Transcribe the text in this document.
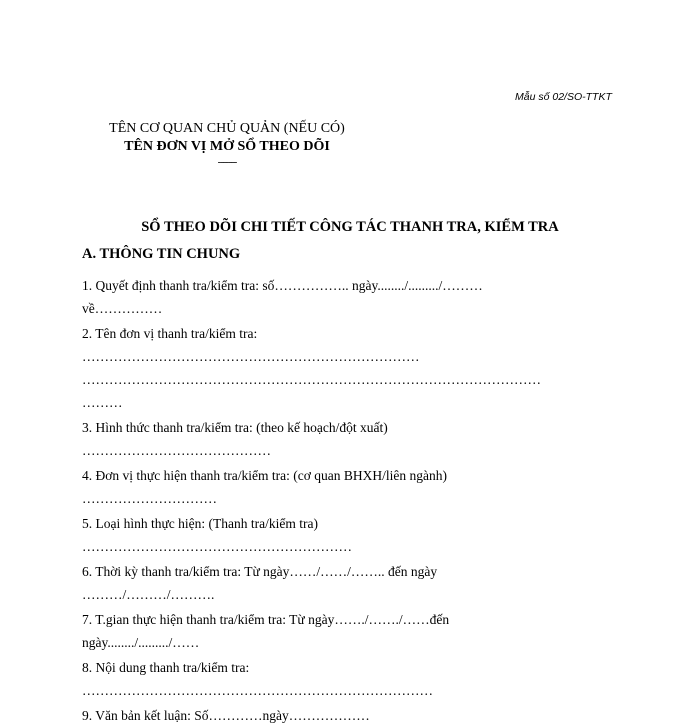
Mẫu số 02/SO-TTKT
TÊN CƠ QUAN CHỦ QUẢN (NẾU CÓ)
TÊN ĐƠN VỊ MỞ SỔ THEO DÕI
-------
SỔ THEO DÕI CHI TIẾT CÔNG TÁC THANH TRA, KIỂM TRA
A. THÔNG TIN CHUNG
1. Quyết định thanh tra/kiểm tra: số…………….. ngày......../........./………
về……………
2. Tên đơn vị thanh tra/kiểm tra:
…………………………………………………………………
…………………………………………………………………………………………
………
3. Hình thức thanh tra/kiểm tra: (theo kế hoạch/đột xuất)
……………………………………
4. Đơn vị thực hiện thanh tra/kiểm tra: (cơ quan BHXH/liên ngành)
…………………………
5. Loại hình thực hiện: (Thanh tra/kiểm tra)
……………………………………………………
6. Thời kỳ thanh tra/kiểm tra: Từ ngày……/……/…….. đến ngày
………/………/……….
7. T.gian thực hiện thanh tra/kiểm tra: Từ ngày……./……./……đến
ngày......../........./……
8. Nội dung thanh tra/kiểm tra:
……………………………………………………………………
9. Văn bản kết luận: Số…………ngày………………
